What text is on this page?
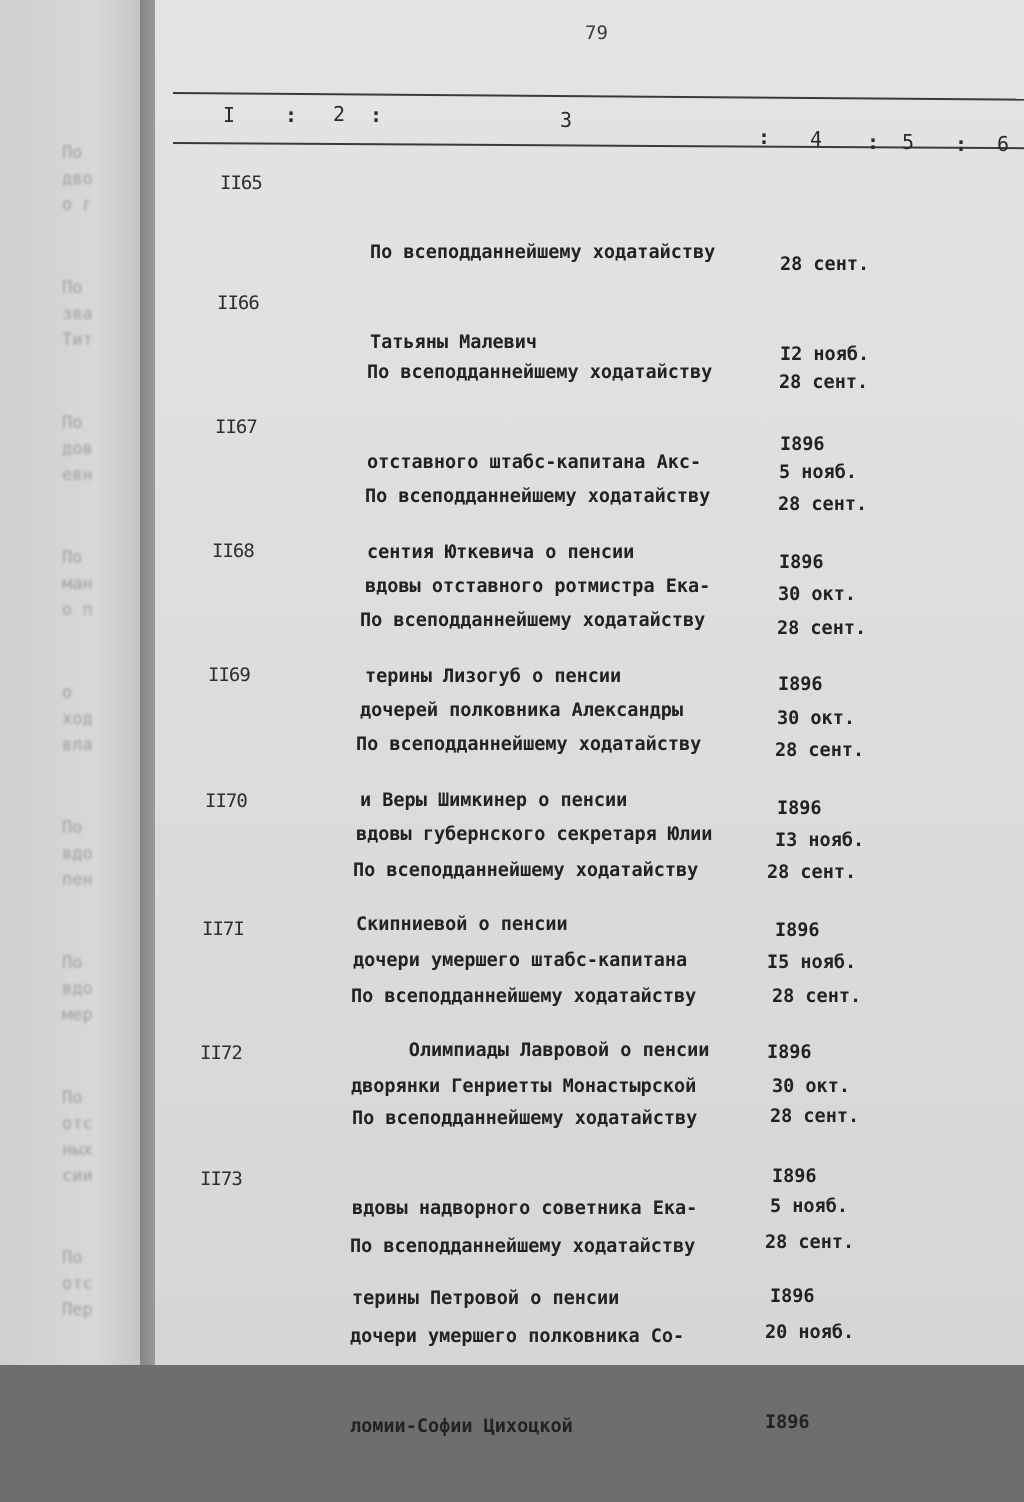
По
дво
о г
По
зва
Тит
По
дов
евн
По
ман
о п
о
ход
вла
По
вдо
пен
По
вдо
мер
По
отс
ных
сии
По
отс
Пер
79
I : 2 :	3
: 4 : 5 : 6
II65

По всеподданнейшему ходатайству

Татьяны Малевич

28 сент.

I2 нояб.

I896

II66

По всеподданнейшему ходатайству

отставного штабс-капитана Акс-

сентия Юткевича о пенсии

28 сент.

5 нояб.

I896

II67

По всеподданнейшему ходатайству

вдовы отставного ротмистра Ека-

терины Лизогуб о пенсии

28 сент.

30 окт.

I896

II68

По всеподданнейшему ходатайству

дочерей полковника Александры

и Веры Шимкинер о пенсии

28 сент.

30 окт.

I896

II69

По всеподданнейшему ходатайству

вдовы губернского секретаря Юлии

Скипниевой о пенсии

28 сент.

I3 нояб.

I896

II70

По всеподданнейшему ходатайству

дочери умершего штабс-капитана

Олимпиады Лавровой о пенсии

28 сент.

I5 нояб.

I896

II7I

По всеподданнейшему ходатайству

дворянки Генриетты Монастырской

28 сент.

30 окт.

I896

II72

По всеподданнейшему ходатайству

вдовы надворного советника Ека-

терины Петровой о пенсии

28 сент.

5 нояб.

I896

II73

По всеподданнейшему ходатайству

дочери умершего полковника Со-

ломии-Софии Цихоцкой

28 сент.

20 нояб.

I896
